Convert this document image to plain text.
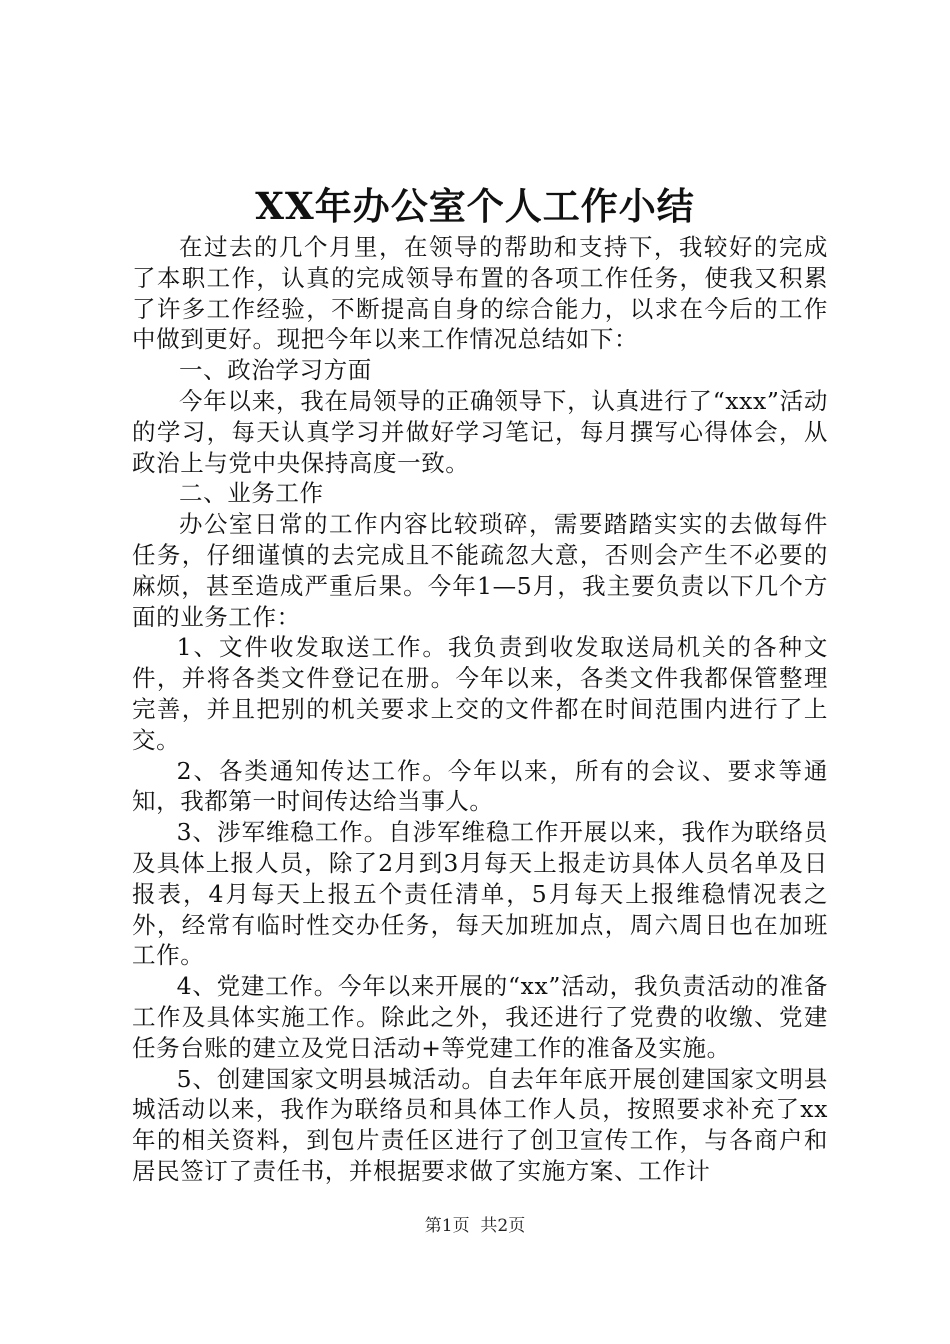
XX年办公室个人工作小结

在过去的几个月里，在领导的帮助和支持下，我较好的完成了本职工作，认真的完成领导布置的各项工作任务，使我又积累了许多工作经验，不断提高自身的综合能力，以求在今后的工作中做到更好。现把今年以来工作情况总结如下：

一、政治学习方面

今年以来，我在局领导的正确领导下，认真进行了“xxx”活动的学习，每天认真学习并做好学习笔记，每月撰写心得体会，从政治上与党中央保持高度一致。

二、业务工作

办公室日常的工作内容比较琐碎，需要踏踏实实的去做每件任务，仔细谨慎的去完成且不能疏忽大意，否则会产生不必要的麻烦，甚至造成严重后果。今年1—5月，我主要负责以下几个方面的业务工作：

1、文件收发取送工作。我负责到收发取送局机关的各种文件，并将各类文件登记在册。今年以来，各类文件我都保管整理完善，并且把别的机关要求上交的文件都在时间范围内进行了上交。

2、各类通知传达工作。今年以来，所有的会议、要求等通知，我都第一时间传达给当事人。

3、涉军维稳工作。自涉军维稳工作开展以来，我作为联络员及具体上报人员，除了2月到3月每天上报走访具体人员名单及日报表，4月每天上报五个责任清单，5月每天上报维稳情况表之外，经常有临时性交办任务，每天加班加点，周六周日也在加班工作。

4、党建工作。今年以来开展的“xx”活动，我负责活动的准备工作及具体实施工作。除此之外，我还进行了党费的收缴、党建任务台账的建立及党日活动+等党建工作的准备及实施。

5、创建国家文明县城活动。自去年年底开展创建国家文明县城活动以来，我作为联络员和具体工作人员，按照要求补充了xx年的相关资料，到包片责任区进行了创卫宣传工作，与各商户和居民签订了责任书，并根据要求做了实施方案、工作计

第1页 共2页
